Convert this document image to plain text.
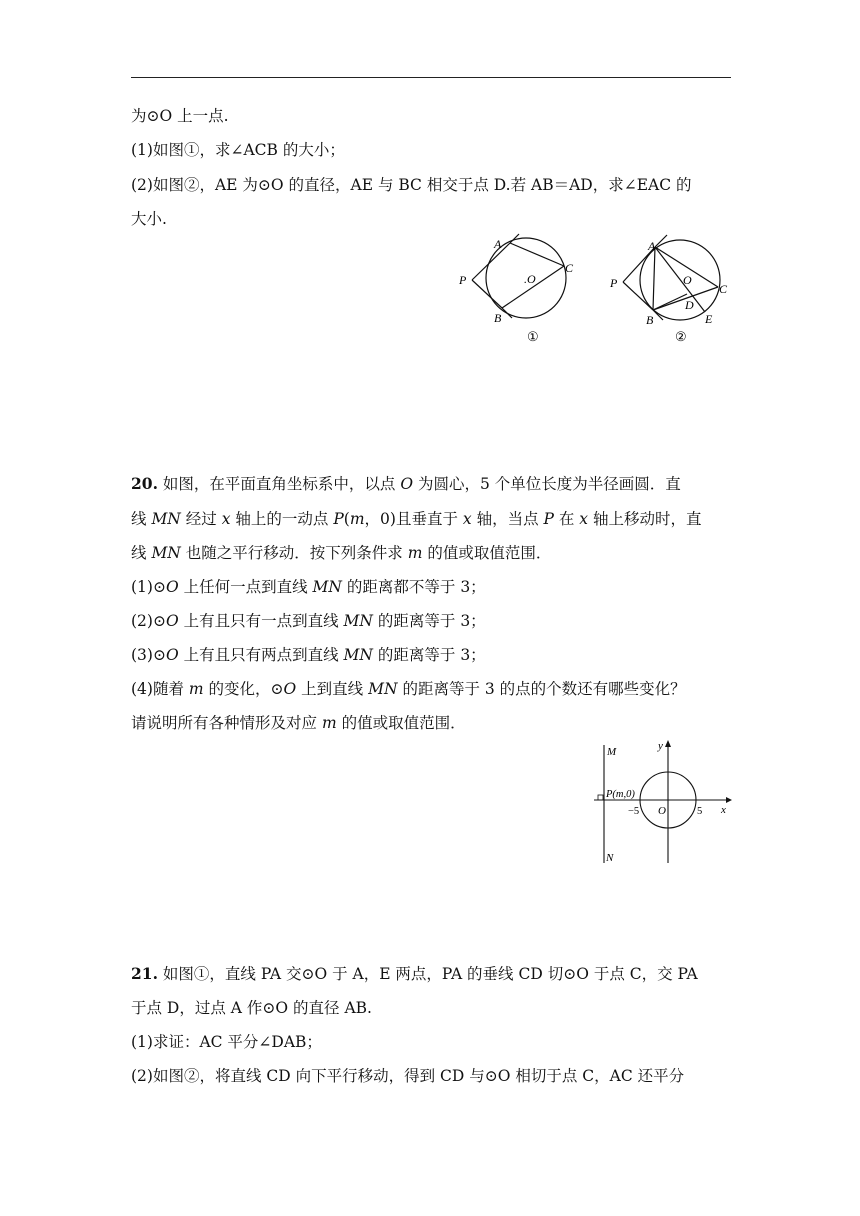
为⊙O 上一点.
(1)如图①，求∠ACB 的大小；
(2)如图②，AE 为⊙O 的直径，AE 与 BC 相交于点 D.若 AB＝AD，求∠EAC 的
大小.
A
B
C
P	.O
①
A
B
C
D
E
P	O
②
20. 如图，在平面直角坐标系中，以点 O 为圆心，5 个单位长度为半径画圆．直
线 MN 经过 x 轴上的一动点 P(m，0)且垂直于 x 轴，当点 P 在 x 轴上移动时，直
线 MN 也随之平行移动．按下列条件求 m 的值或取值范围．
(1)⊙O 上任何一点到直线 MN 的距离都不等于 3；
(2)⊙O 上有且只有一点到直线 MN 的距离等于 3；
(3)⊙O 上有且只有两点到直线 MN 的距离等于 3；
(4)随着 m 的变化，⊙O 上到直线 MN 的距离等于 3 的点的个数还有哪些变化？
请说明所有各种情形及对应 m 的值或取值范围．
M
N
P(m,0)
−5 O	5 x
y
21. 如图①，直线 PA 交⊙O 于 A，E 两点，PA 的垂线 CD 切⊙O 于点 C，交 PA
于点 D，过点 A 作⊙O 的直径 AB.
(1)求证：AC 平分∠DAB；
(2)如图②，将直线 CD 向下平行移动，得到 CD 与⊙O 相切于点 C，AC 还平分
